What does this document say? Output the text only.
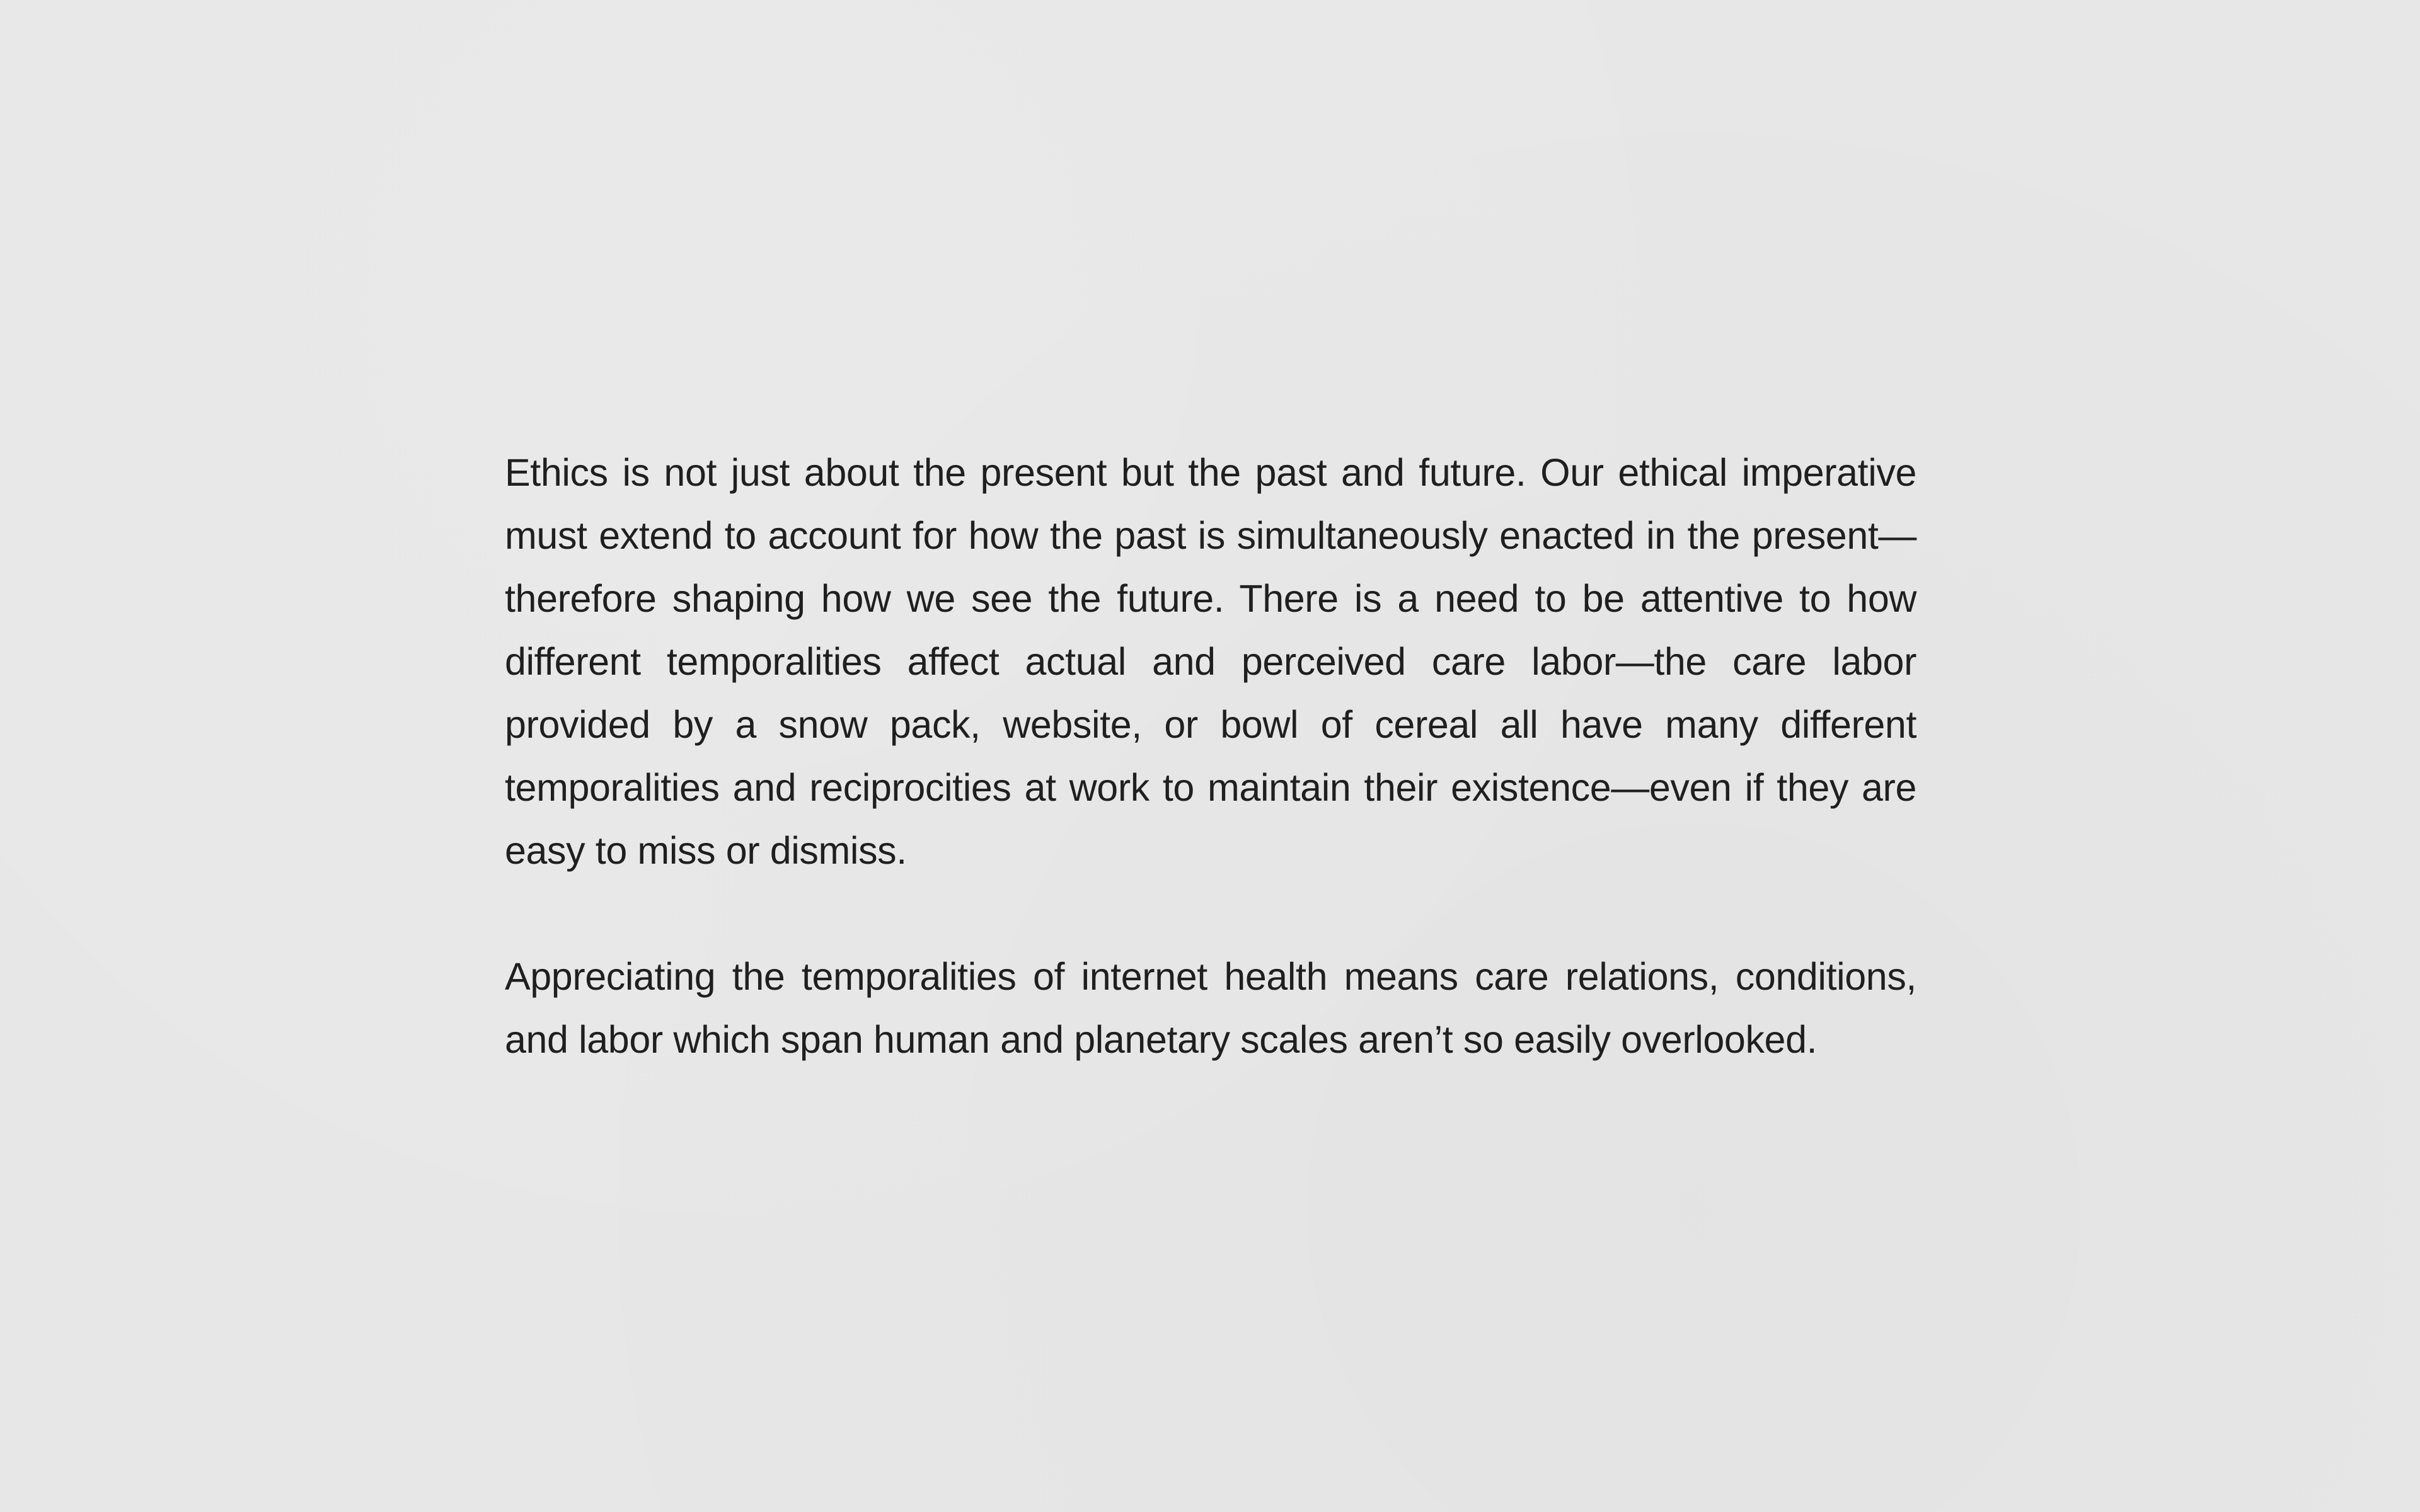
Ethics is not just about the present but the past and future. Our ethical imperative must extend to account for how the past is simultaneously enacted in the present—therefore shaping how we see the future. There is a need to be attentive to how different temporalities affect actual and perceived care labor—the care labor provided by a snow pack, website, or bowl of cereal all have many different temporalities and reciprocities at work to maintain their existence—even if they are easy to miss or dismiss.

Appreciating the temporalities of internet health means care relations, conditions, and labor which span human and planetary scales aren’t so easily overlooked.
